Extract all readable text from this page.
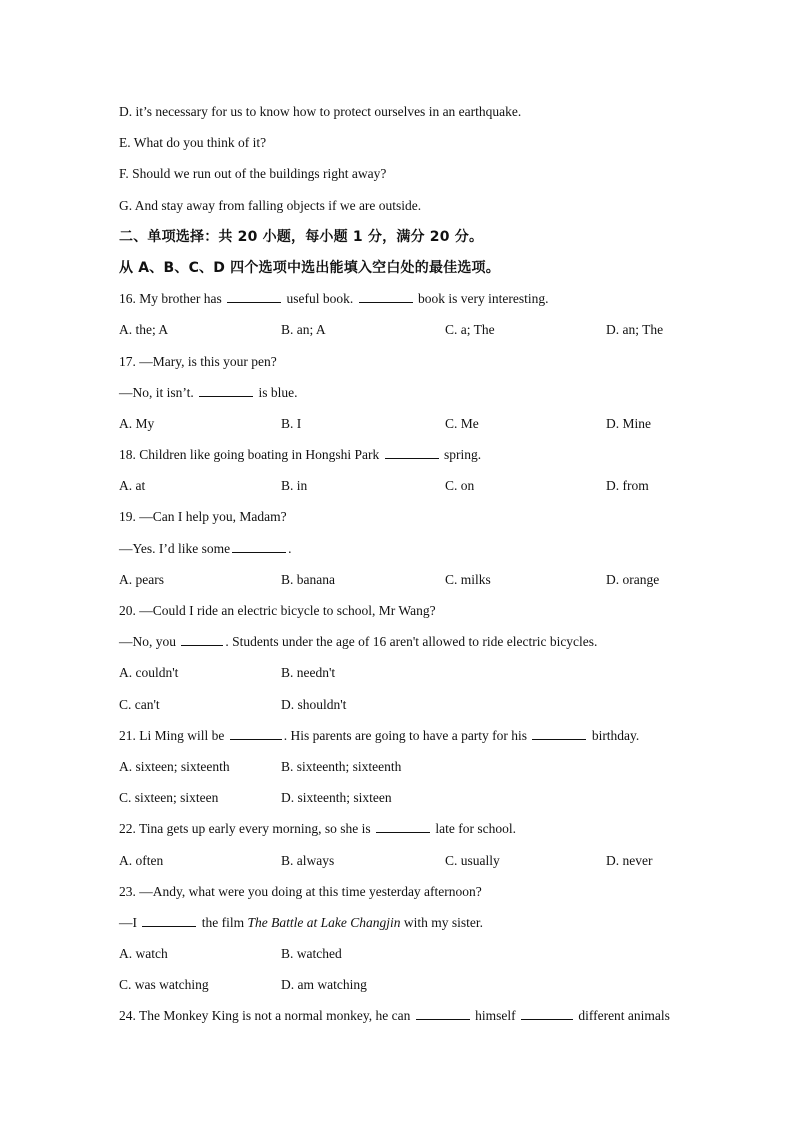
D. it’s necessary for us to know how to protect ourselves in an earthquake.
E. What do you think of it?
F. Should we run out of the buildings right away?
G. And stay away from falling objects if we are outside.
二、单项选择：共 20 小题，每小题 1 分，满分 20 分。
从 A、B、C、D 四个选项中选出能填入空白处的最佳选项。
16. My brother has	useful book.	book is very interesting.
A. the; A	B. an; A	C. a; The	D. an; The
17. —Mary, is this your pen?
—No, it isn’t.	is blue.
A. My	B. I	C. Me	D. Mine
18. Children like going boating in Hongshi Park	spring.
A. at	B. in	C. on	D. from
19. —Can I help you, Madam?
—Yes. I’d like some	.
A. pears	B. banana	C. milks	D. orange
20. —Could I ride an electric bicycle to school, Mr Wang?
—No, you	. Students under the age of 16 aren't allowed to ride electric bicycles.
A. couldn't	B. needn't
C. can't	D. shouldn't
21. Li Ming will be	. His parents are going to have a party for his	birthday.
A. sixteen; sixteenth	B. sixteenth; sixteenth
C. sixteen; sixteen	D. sixteenth; sixteen
22. Tina gets up early every morning, so she is	late for school.
A. often	B. always	C. usually	D. never
23. —Andy, what were you doing at this time yesterday afternoon?
—I	the film The Battle at Lake Changjin with my sister.
A. watch	B. watched
C. was watching	D. am watching
24. The Monkey King is not a normal monkey, he can	himself	different animals
